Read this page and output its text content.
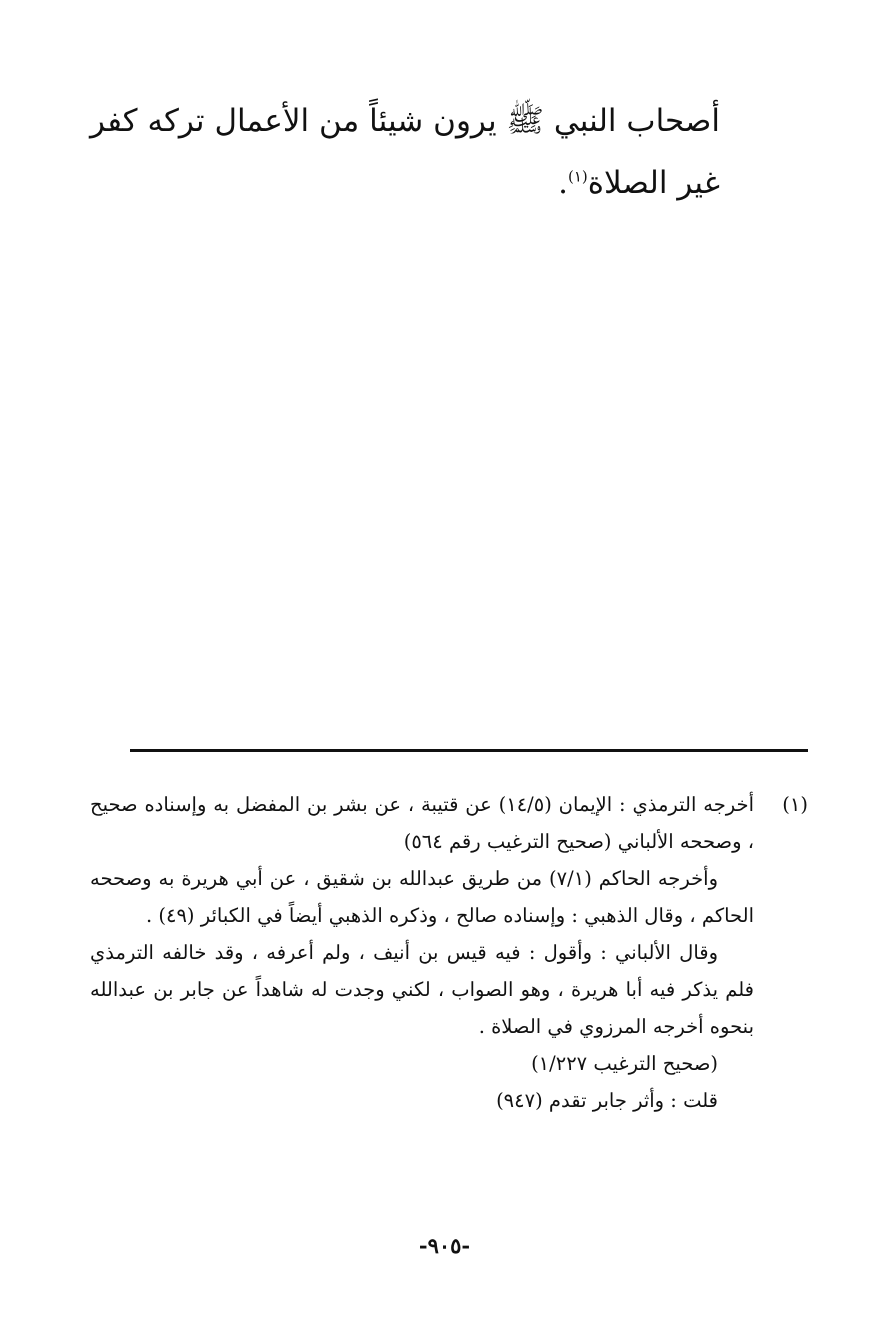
أصحاب النبي ﷺ يرون شيئاً من الأعمال تركه كفر غير الصلاة$^{(١)}$.
(١)

أخرجه الترمذي : الإيمان (١٤/٥) عن قتيبة ، عن بشر بن المفضل به وإسناده صحيح ، وصححه الألباني (صحيح الترغيب رقم ٥٦٤)

وأخرجه الحاكم (٧/١) من طريق عبدالله بن شقيق ، عن أبي هريرة به وصححه الحاكم ، وقال الذهبي : وإسناده صالح ، وذكره الذهبي أيضاً في الكبائر (٤٩) .

وقال الألباني : وأقول : فيه قيس بن أنيف ، ولم أعرفه ، وقد خالفه الترمذي فلم يذكر فيه أبا هريرة ، وهو الصواب ، لكني وجدت له شاهداً عن جابر بن عبدالله بنحوه أخرجه المرزوي في الصلاة .

(صحيح الترغيب ١/٢٢٧)

قلت : وأثر جابر تقدم (٩٤٧)

-٩٠٥-
